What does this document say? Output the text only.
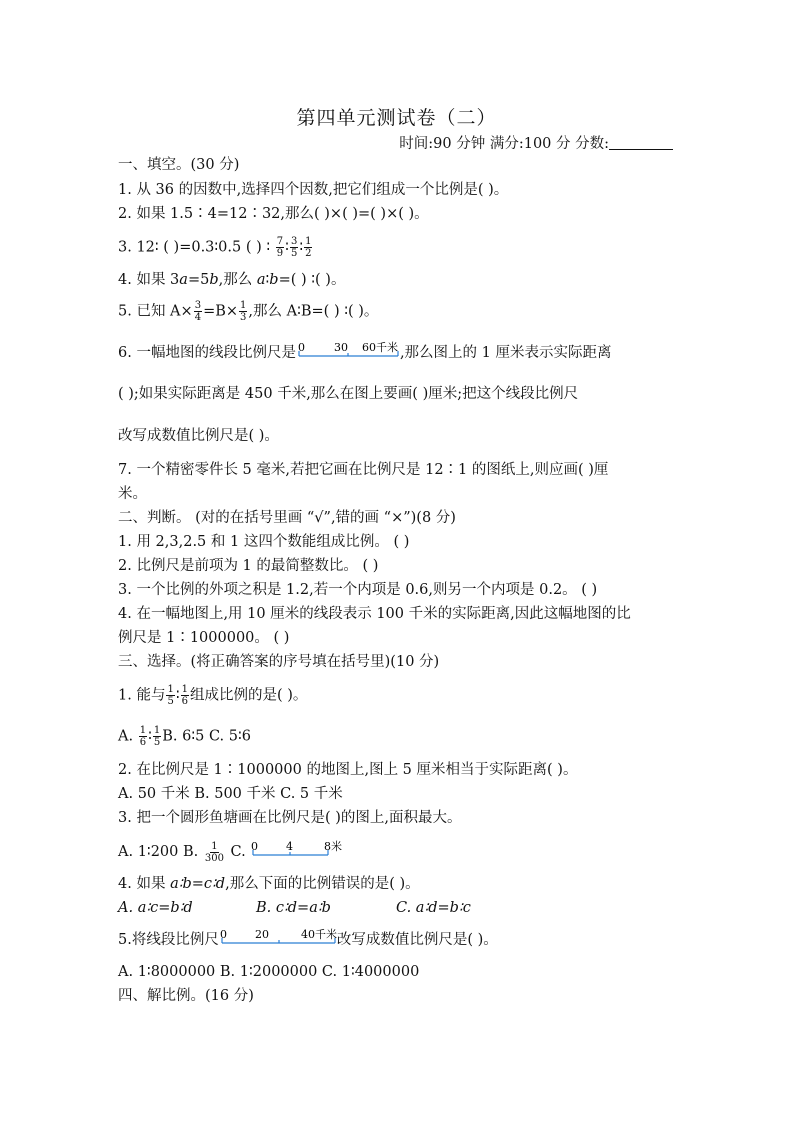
第四单元测试卷（二）
时间:90 分钟 满分:100 分 分数:
一、填空。(30 分)
1. 从 36 的因数中,选择四个因数,把它们组成一个比例是( )。
2. 如果 1.5∶4=12∶32,那么( )×( )=( )×( )。
3. 12∶ ( )=0.3∶0.5 ( ) ∶ $\frac{7}{9}$ ∶ $\frac{3}{5}$ ∶ $\frac{1}{2}$
4. 如果 3a=5b,那么 a∶b=( ) ∶( )。
5. 已知 $A\times \frac{3}{4} =B\times \frac{1}{3}$ ,那么 A∶B=( ) ∶( )。
6. 一幅地图的线段比例尺是 0	30 60千米 ,那么图上的 1 厘米表示实际距离
( );如果实际距离是 450 千米,那么在图上要画( )厘米;把这个线段比例尺
改写成数值比例尺是( )。
7. 一个精密零件长 5 毫米,若把它画在比例尺是 12∶1 的图纸上,则应画( )厘
米。
二、判断。 (对的在括号里画 “√”,错的画 “×”)(8 分)
1. 用 2,3,2.5 和 1 这四个数能组成比例。 ( )
2. 比例尺是前项为 1 的最简整数比。 ( )
3. 一个比例的外项之积是 1.2,若一个内项是 0.6,则另一个内项是 0.2。 ( )
4. 在一幅地图上,用 10 厘米的线段表示 100 千米的实际距离,因此这幅地图的比
例尺是 1∶1000000。 ( )
三、选择。(将正确答案的序号填在括号里)(10 分)
1. 能与 $\frac{1}{5}$ ∶ $\frac{1}{6}$ 组成比例的是( )。
A. $\frac{1}{6}$ ∶ $\frac{1}{5} B$. 6∶5 C. 5∶6
2. 在比例尺是 1∶1000000 的地图上,图上 5 厘米相当于实际距离( )。
A. 50 千米 B. 500 千米 C. 5 千米
3. 把一个圆形鱼塘画在比例尺是( )的图上,面积最大。
A. 1∶200 B. $\frac{1}{300} C$. 0	4	8米
4. 如果 a∶b=c∶d,那么下面的比例错误的是( )。
A. a∶c=b∶d	B. c∶d=a∶b	C. a∶d=b∶c
5.将线段比例尺 0	20	40千米 改写成数值比例尺是( )。
A. 1∶8000000 B. 1∶2000000 C. 1∶4000000
四、解比例。(16 分)
